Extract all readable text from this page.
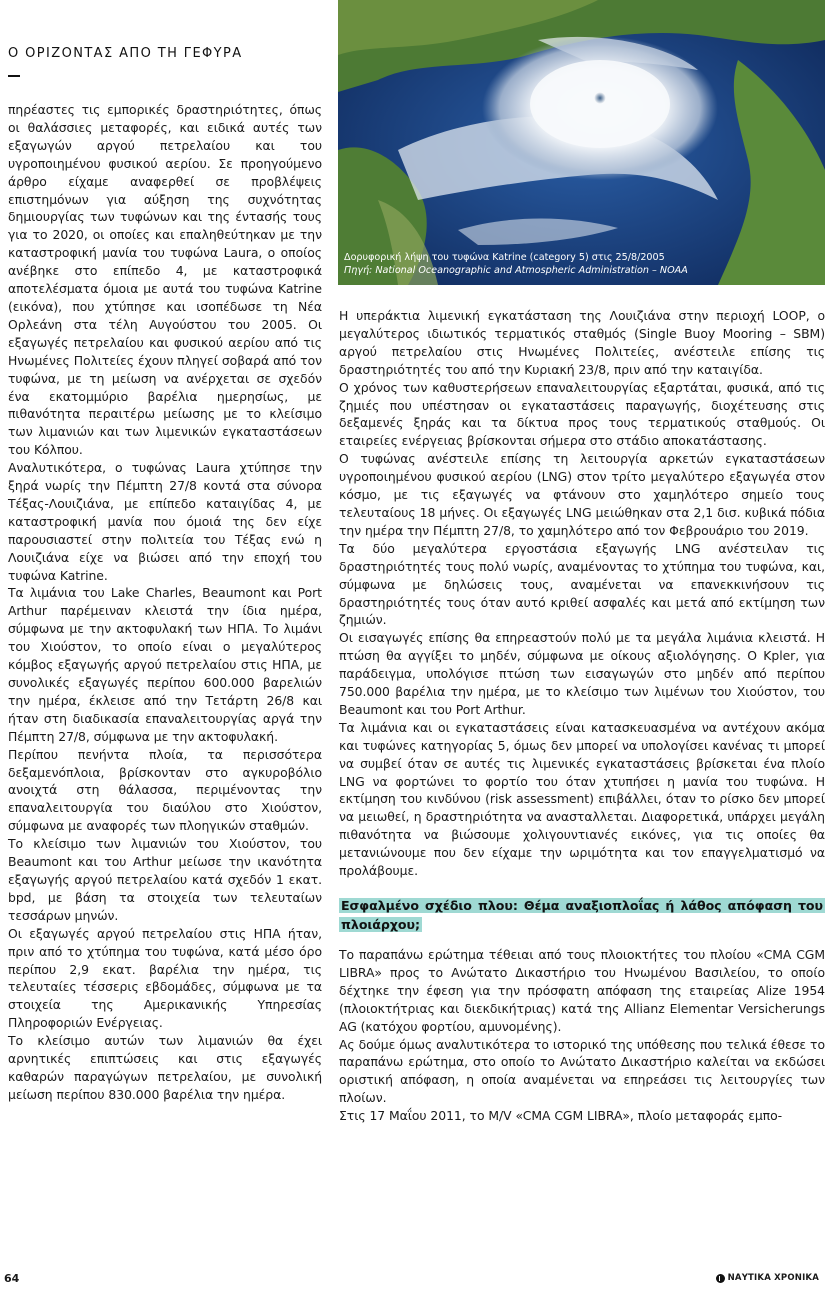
Ο ΟΡΙΖΟΝΤΑΣ ΑΠΟ ΤΗ ΓΕΦΥΡΑ
Δορυφορική λήψη του τυφώνα Katrine (category 5) στις 25/8/2005
Πηγή: National Oceanographic and Atmospheric Administration – NOAA

πηρέαστες τις εμπορικές δραστηριότητες, όπως οι θαλάσσιες μεταφορές, και ειδικά αυτές των εξαγωγών αργού πετρελαίου και του υγροποιημένου φυσικού αερίου. Σε προηγούμενο άρθρο είχαμε αναφερθεί σε προβλέψεις επιστημόνων για αύξηση της συχνότητας δημιουργίας των τυφώνων και της έντασής τους για το 2020, οι οποίες και επαληθεύτηκαν με την καταστροφική μανία του τυφώνα Laura, ο οποίος ανέβηκε στο επίπεδο 4, με καταστροφικά αποτελέσματα όμοια με αυτά του τυφώνα Katrine (εικόνα), που χτύπησε και ισοπέδωσε τη Νέα Ορλεάνη στα τέλη Αυγούστου του 2005. Οι εξαγωγές πετρελαίου και φυσικού αερίου από τις Ηνωμένες Πολιτείες έχουν πληγεί σοβαρά από τον τυφώνα, με τη μείωση να ανέρχεται σε σχεδόν ένα εκατομμύριο βαρέλια ημερησίως, με πιθανότητα περαιτέρω μείωσης με το κλείσιμο των λιμανιών και των λιμενικών εγκαταστάσεων του Κόλπου.

Αναλυτικότερα, ο τυφώνας Laura χτύπησε την ξηρά νωρίς την Πέμπτη 27/8 κοντά στα σύνορα Τέξας-Λουιζιάνα, με επίπεδο καταιγίδας 4, με καταστροφική μανία που όμοιά της δεν είχε παρουσιαστεί στην πολιτεία του Τέξας ενώ η Λουιζιάνα είχε να βιώσει από την εποχή του τυφώνα Katrine.

Τα λιμάνια του Lake Charles, Beaumont και Port Arthur παρέμειναν κλειστά την ίδια ημέρα, σύμφωνα με την ακτοφυλακή των ΗΠΑ. Το λιμάνι του Χιούστον, το οποίο είναι ο μεγαλύτερος κόμβος εξαγωγής αργού πετρελαίου στις ΗΠΑ, με συνολικές εξαγωγές περίπου 600.000 βαρελιών την ημέρα, έκλεισε από την Τετάρτη 26/8 και ήταν στη διαδικασία επαναλειτουργίας αργά την Πέμπτη 27/8, σύμφωνα με την ακτοφυλακή.

Περίπου πενήντα πλοία, τα περισσότερα δεξαμενόπλοια, βρίσκονταν στο αγκυροβόλιο ανοιχτά στη θάλασσα, περιμένοντας την επαναλειτουργία του διαύλου στο Χιούστον, σύμφωνα με αναφορές των πλοηγικών σταθμών.

Το κλείσιμο των λιμανιών του Χιούστον, του Beaumont και του Arthur μείωσε την ικανότητα εξαγωγής αργού πετρελαίου κατά σχεδόν 1 εκατ. bpd, με βάση τα στοιχεία των τελευταίων τεσσάρων μηνών.

Οι εξαγωγές αργού πετρελαίου στις ΗΠΑ ήταν, πριν από το χτύπημα του τυφώνα, κατά μέσο όρο περίπου 2,9 εκατ. βαρέλια την ημέρα, τις τελευταίες τέσσερις εβδομάδες, σύμφωνα με τα στοιχεία της Αμερικανικής Υπηρεσίας Πληροφοριών Ενέργειας.

Το κλείσιμο αυτών των λιμανιών θα έχει αρνητικές επιπτώσεις και στις εξαγωγές καθαρών παραγώγων πετρελαίου, με συνολική μείωση περίπου 830.000 βαρέλια την ημέρα.

Η υπεράκτια λιμενική εγκατάσταση της Λουιζιάνα στην περιοχή LOOP, ο μεγαλύτερος ιδιωτικός τερματικός σταθμός (Single Buoy Mooring – SBM) αργού πετρελαίου στις Ηνωμένες Πολιτείες, ανέστειλε επίσης τις δραστηριότητές του από την Κυριακή 23/8, πριν από την καταιγίδα.

Ο χρόνος των καθυστερήσεων επαναλειτουργίας εξαρτάται, φυσικά, από τις ζημιές που υπέστησαν οι εγκαταστάσεις παραγωγής, διοχέτευσης στις δεξαμενές ξηράς και τα δίκτυα προς τους τερματικούς σταθμούς. Οι εταιρείες ενέργειας βρίσκονται σήμερα στο στάδιο αποκατάστασης.

Ο τυφώνας ανέστειλε επίσης τη λειτουργία αρκετών εγκαταστάσεων υγροποιημένου φυσικού αερίου (LNG) στον τρίτο μεγαλύτερο εξαγωγέα στον κόσμο, με τις εξαγωγές να φτάνουν στο χαμηλότερο σημείο τους τελευταίους 18 μήνες. Οι εξαγωγές LNG μειώθηκαν στα 2,1 δισ. κυβικά πόδια την ημέρα την Πέμπτη 27/8, το χαμηλότερο από τον Φεβρουάριο του 2019.

Τα δύο μεγαλύτερα εργοστάσια εξαγωγής LNG ανέστειλαν τις δραστηριότητές τους πολύ νωρίς, αναμένοντας το χτύπημα του τυφώνα, και, σύμφωνα με δηλώσεις τους, αναμένεται να επανεκκινήσουν τις δραστηριότητές τους όταν αυτό κριθεί ασφαλές και μετά από εκτίμηση των ζημιών.

Οι εισαγωγές επίσης θα επηρεαστούν πολύ με τα μεγάλα λιμάνια κλειστά. Η πτώση θα αγγίξει το μηδέν, σύμφωνα με οίκους αξιολόγησης. Ο Kpler, για παράδειγμα, υπολόγισε πτώση των εισαγωγών στο μηδέν από περίπου 750.000 βαρέλια την ημέρα, με το κλείσιμο των λιμένων του Χιούστον, του Beaumont και του Port Arthur.

Τα λιμάνια και οι εγκαταστάσεις είναι κατασκευασμένα να αντέχουν ακόμα και τυφώνες κατηγορίας 5, όμως δεν μπορεί να υπολογίσει κανένας τι μπορεί να συμβεί όταν σε αυτές τις λιμενικές εγκαταστάσεις βρίσκεται ένα πλοίο LNG να φορτώνει το φορτίο του όταν χτυπήσει η μανία του τυφώνα. Η εκτίμηση του κινδύνου (risk assessment) επιβάλλει, όταν το ρίσκο δεν μπορεί να μειωθεί, η δραστηριότητα να ανασταλλεται. Διαφορετικά, υπάρχει μεγάλη πιθανότητα να βιώσουμε χολιγουντιανές εικόνες, για τις οποίες θα μετανιώνουμε που δεν είχαμε την ωριμότητα και τον επαγγελματισμό να προλάβουμε.

Εσφαλμένο σχέδιο πλου: Θέμα αναξιοπλοΐας ή λάθος απόφαση του πλοιάρχου;

Το παραπάνω ερώτημα τέθειαι από τους πλοιοκτήτες του πλοίου «CMA CGM LIBRA» προς το Ανώτατο Δικαστήριο του Ηνωμένου Βασιλείου, το οποίο δέχτηκε την έφεση για την πρόσφατη απόφαση της εταιρείας Alize 1954 (πλοιοκτήτριας και διεκδικήτριας) κατά της Allianz Elementar Versicherungs AG (κατόχου φορτίου, αμυνομένης).

Ας δούμε όμως αναλυτικότερα το ιστορικό της υπόθεσης που τελικά έθεσε το παραπάνω ερώτημα, στο οποίο το Ανώτατο Δικαστήριο καλείται να εκδώσει οριστική απόφαση, η οποία αναμένεται να επηρεάσει τις λειτουργίες των πλοίων.

Στις 17 Μαΐου 2011, το M/V «CMA CGM LIBRA», πλοίο μεταφοράς εμπο-

64	ΝΑΥΤΙΚΑ ΧΡΟΝΙΚΑ
